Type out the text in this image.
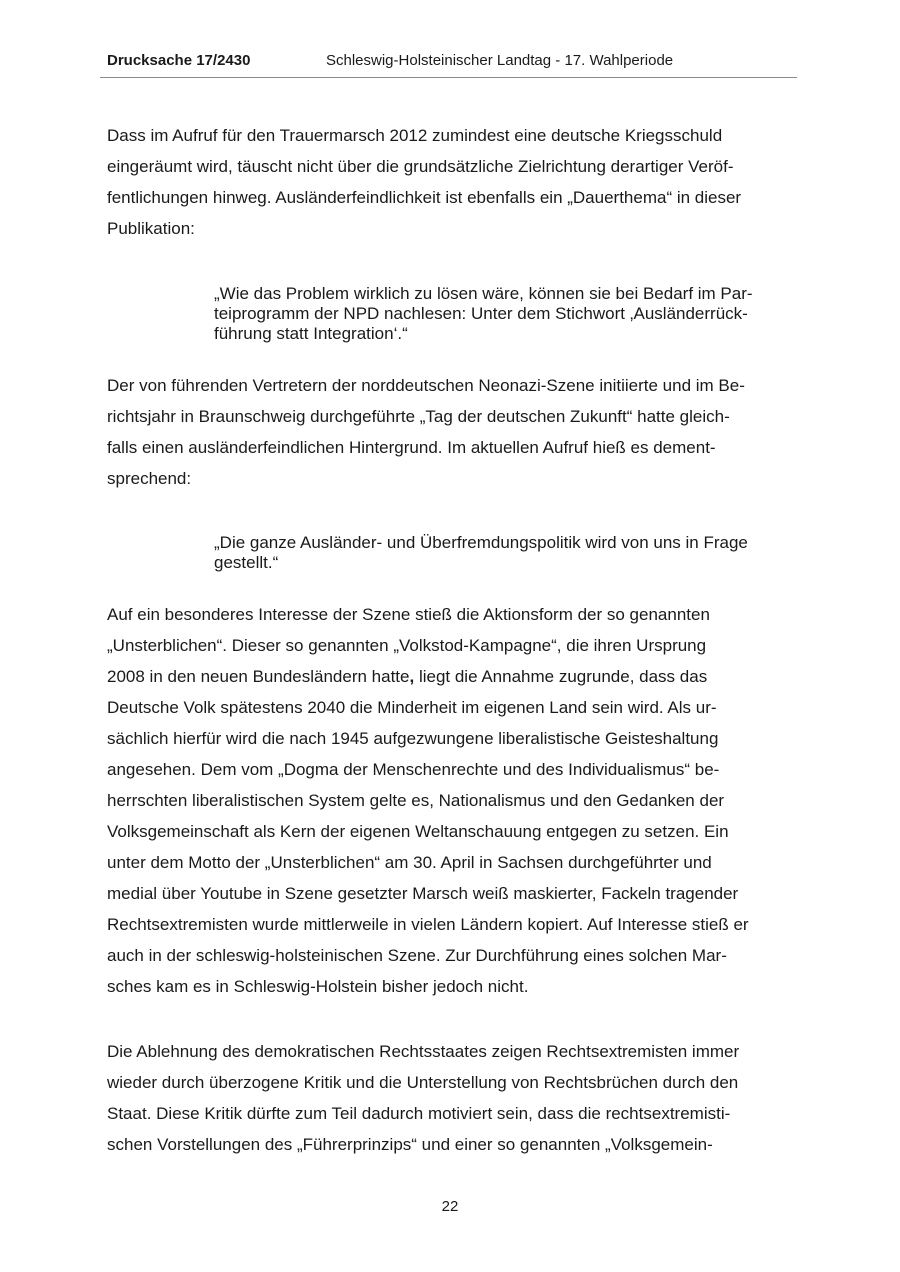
Drucksache 17/2430	Schleswig-Holsteinischer Landtag - 17. Wahlperiode
Dass im Aufruf für den Trauermarsch 2012 zumindest eine deutsche Kriegsschuld
eingeräumt wird, täuscht nicht über die grundsätzliche Zielrichtung derartiger Veröf-
fentlichungen hinweg. Ausländerfeindlichkeit ist ebenfalls ein „Dauerthema“ in dieser
Publikation:
„Wie das Problem wirklich zu lösen wäre, können sie bei Bedarf im Par-
teiprogramm der NPD nachlesen: Unter dem Stichwort ‚Ausländerrück-
führung statt Integration‘.“
Der von führenden Vertretern der norddeutschen Neonazi-Szene initiierte und im Be-
richtsjahr in Braunschweig durchgeführte „Tag der deutschen Zukunft“ hatte gleich-
falls einen ausländerfeindlichen Hintergrund. Im aktuellen Aufruf hieß es dement-
sprechend:
„Die ganze Ausländer- und Überfremdungspolitik wird von uns in Frage
gestellt.“
Auf ein besonderes Interesse der Szene stieß die Aktionsform der so genannten
„Unsterblichen“. Dieser so genannten „Volkstod-Kampagne“, die ihren Ursprung
2008 in den neuen Bundesländern hatte, liegt die Annahme zugrunde, dass das
Deutsche Volk spätestens 2040 die Minderheit im eigenen Land sein wird. Als ur-
sächlich hierfür wird die nach 1945 aufgezwungene liberalistische Geisteshaltung
angesehen. Dem vom „Dogma der Menschenrechte und des Individualismus“ be-
herrschten liberalistischen System gelte es, Nationalismus und den Gedanken der
Volksgemeinschaft als Kern der eigenen Weltanschauung entgegen zu setzen. Ein
unter dem Motto der „Unsterblichen“ am 30. April in Sachsen durchgeführter und
medial über Youtube in Szene gesetzter Marsch weiß maskierter, Fackeln tragender
Rechtsextremisten wurde mittlerweile in vielen Ländern kopiert. Auf Interesse stieß er
auch in der schleswig-holsteinischen Szene. Zur Durchführung eines solchen Mar-
sches kam es in Schleswig-Holstein bisher jedoch nicht.
Die Ablehnung des demokratischen Rechtsstaates zeigen Rechtsextremisten immer
wieder durch überzogene Kritik und die Unterstellung von Rechtsbrüchen durch den
Staat. Diese Kritik dürfte zum Teil dadurch motiviert sein, dass die rechtsextremisti-
schen Vorstellungen des „Führerprinzips“ und einer so genannten „Volksgemein-
22
